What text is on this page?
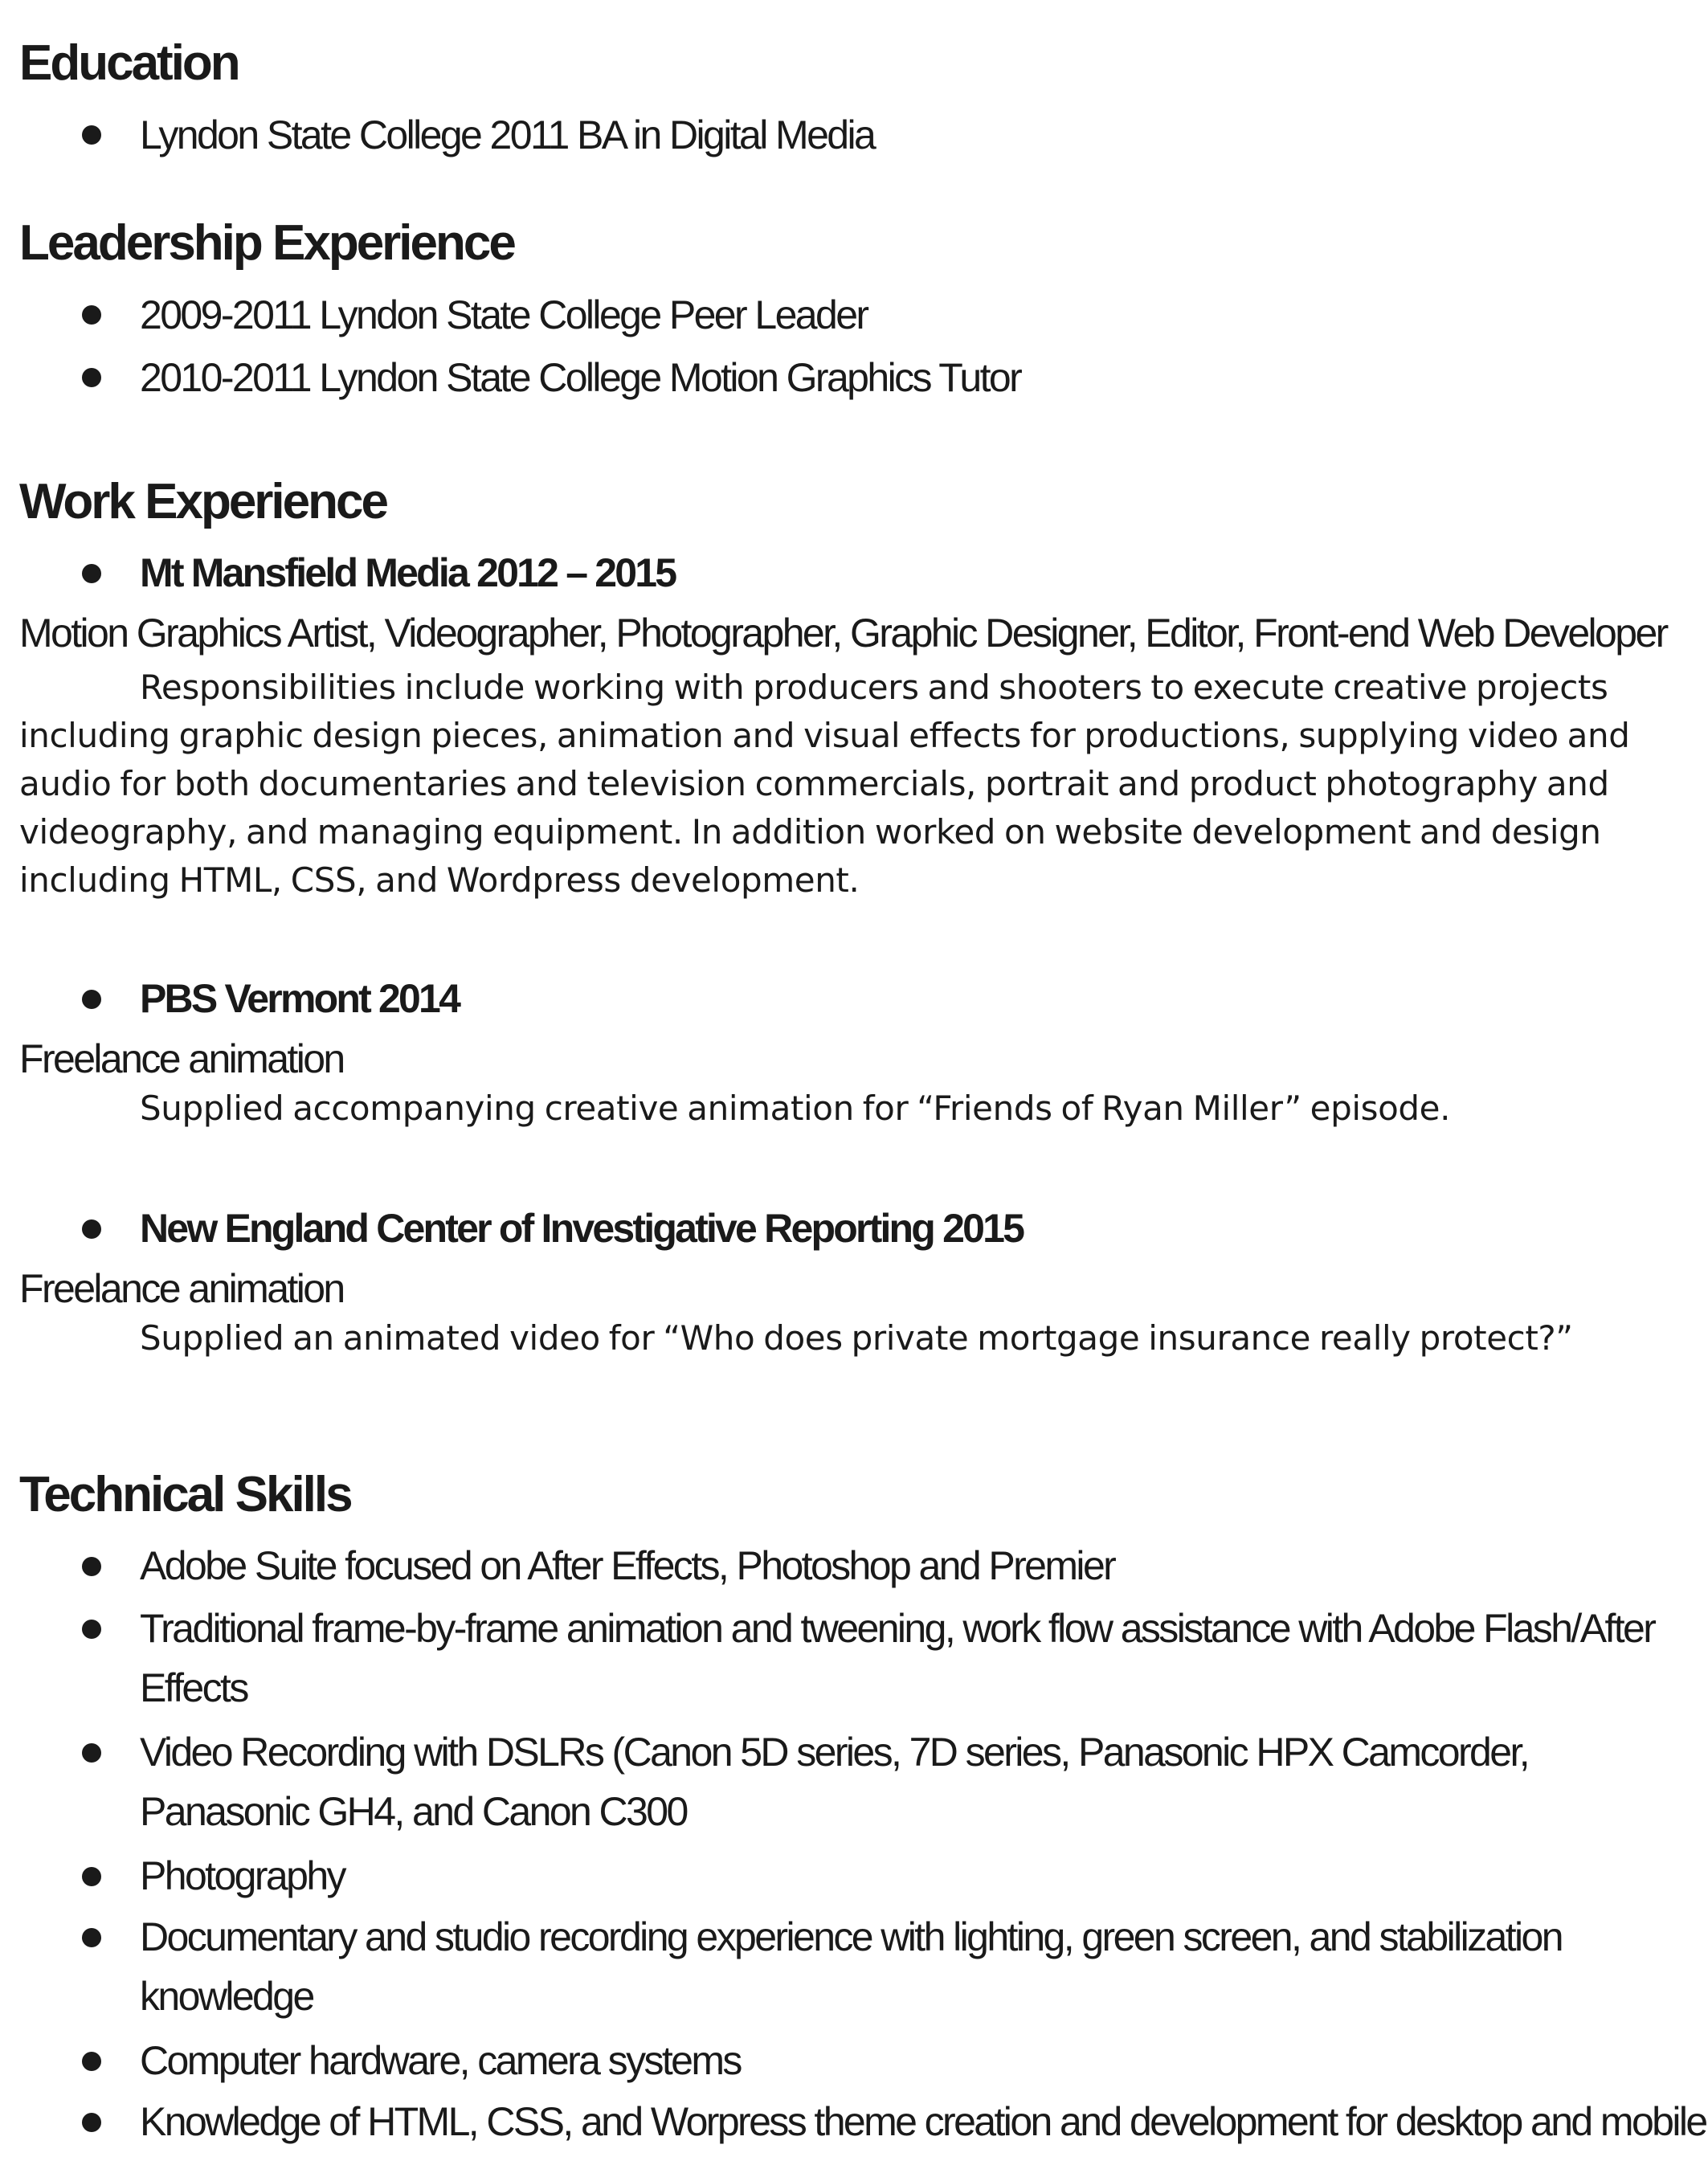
Education

Lyndon State College 2011 BA in Digital Media

Leadership Experience

2009-2011 Lyndon State College Peer Leader

2010-2011 Lyndon State College Motion Graphics Tutor

Work Experience

Mt Mansfield Media 2012 – 2015

Motion Graphics Artist, Videographer, Photographer, Graphic Designer, Editor, Front-end Web Developer

Responsibilities include working with producers and shooters to execute creative projects including graphic design pieces, animation and visual effects for productions, supplying video and audio for both documentaries and television commercials, portrait and product photography and videography, and managing equipment. In addition worked on website development and design including HTML, CSS, and Wordpress development.

PBS Vermont 2014

Freelance animation

Supplied accompanying creative animation for “Friends of Ryan Miller” episode.

New England Center of Investigative Reporting 2015

Freelance animation

Supplied an animated video for “Who does private mortgage insurance really protect?”

Technical Skills

Adobe Suite focused on After Effects, Photoshop and Premier

Traditional frame-by-frame animation and tweening, work flow assistance with Adobe Flash/After Effects

Video Recording with DSLRs (Canon 5D series, 7D series, Panasonic HPX Camcorder, Panasonic GH4, and Canon C300

Photography

Documentary and studio recording experience with lighting, green screen, and stabilization knowledge

Computer hardware, camera systems

Knowledge of HTML, CSS, and Worpress theme creation and development for desktop and mobile
